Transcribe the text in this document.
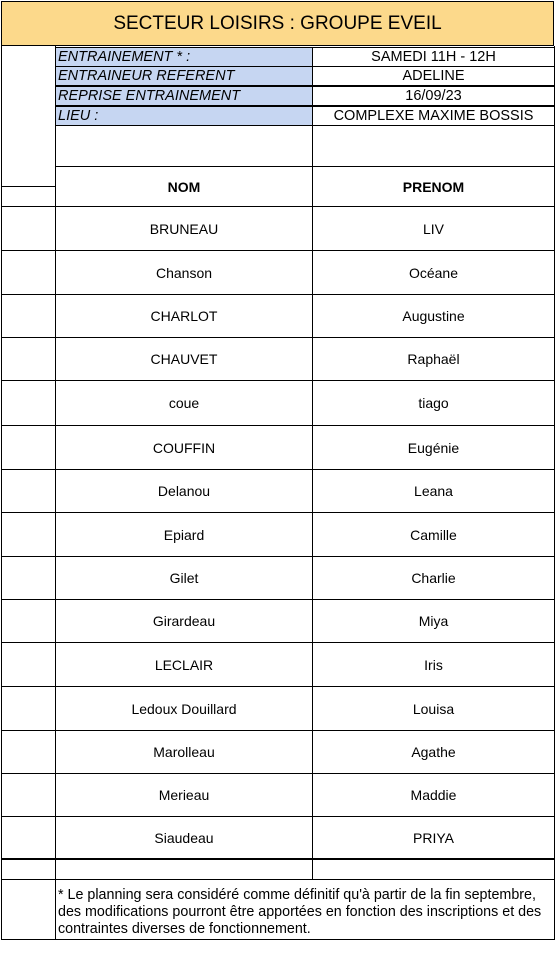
SECTEUR LOISIRS : GROUPE EVEIL
ENTRAINEMENT * :	SAMEDI 11H - 12H
ENTRAINEUR REFERENT	ADELINE
REPRISE ENTRAINEMENT	16/09/23
LIEU :	COMPLEXE MAXIME BOSSIS
NOM	PRENOM
BRUNEAU	LIV
Chanson	Océane
CHARLOT	Augustine
CHAUVET	Raphaël
coue	tiago
COUFFIN	Eugénie
Delanou	Leana
Epiard	Camille
Gilet	Charlie
Girardeau	Miya
LECLAIR	Iris
Ledoux Douillard	Louisa
Marolleau	Agathe
Merieau	Maddie
Siaudeau	PRIYA
* Le planning sera considéré comme définitif qu'à partir de la fin septembre, des modifications pourront être apportées en fonction des inscriptions et des contraintes diverses de fonctionnement.
